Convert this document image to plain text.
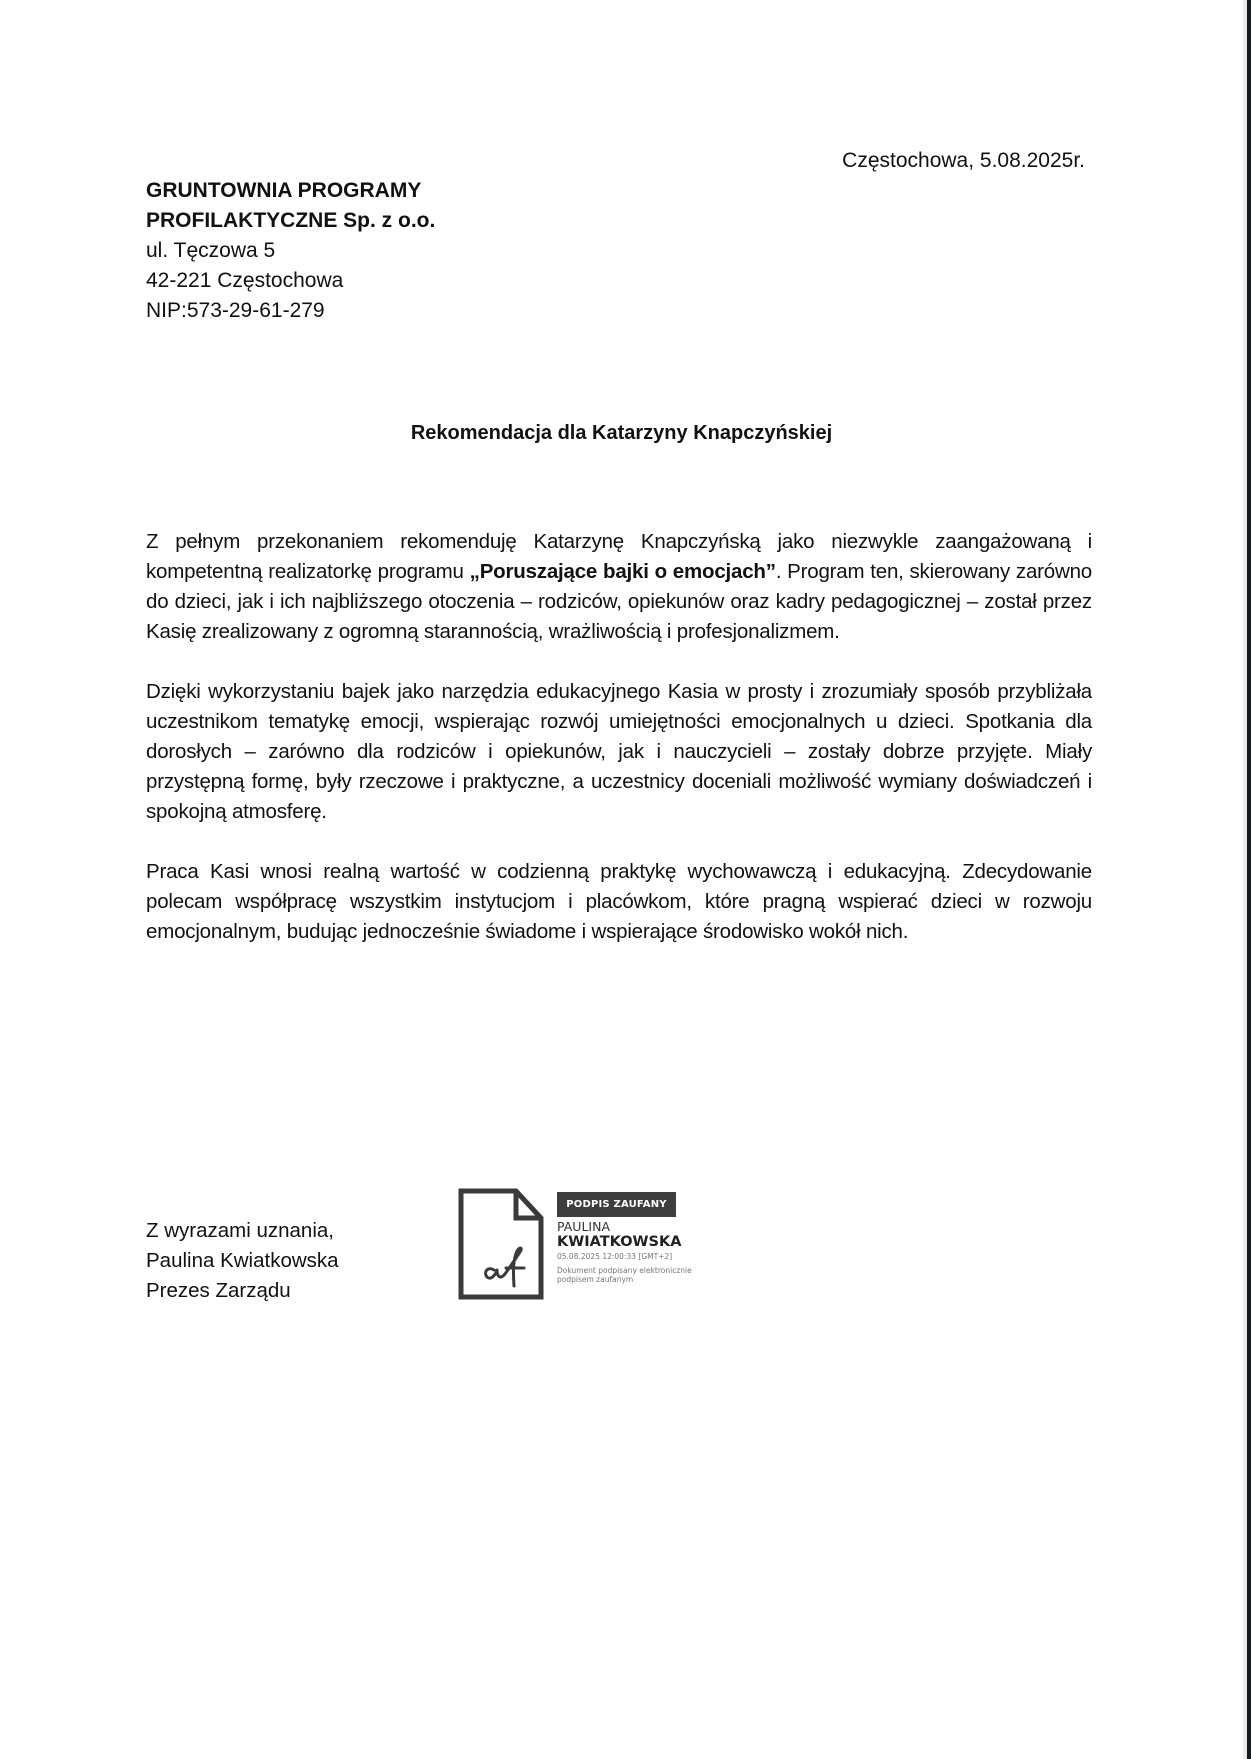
Częstochowa, 5.08.2025r.
GRUNTOWNIA PROGRAMY
PROFILAKTYCZNE Sp. z o.o.
ul. Tęczowa 5
42-221 Częstochowa
NIP:573-29-61-279
Rekomendacja dla Katarzyny Knapczyńskiej

Z pełnym przekonaniem rekomenduję Katarzynę Knapczyńską jako niezwykle zaangażowaną i kompetentną realizatorkę programu „Poruszające bajki o emocjach”. Program ten, skierowany zarówno do dzieci, jak i ich najbliższego otoczenia – rodziców, opiekunów oraz kadry pedagogicznej – został przez Kasię zrealizowany z ogromną starannością, wrażliwością i profesjonalizmem.

Dzięki wykorzystaniu bajek jako narzędzia edukacyjnego Kasia w prosty i zrozumiały sposób przybliżała uczestnikom tematykę emocji, wspierając rozwój umiejętności emocjonalnych u dzieci. Spotkania dla dorosłych – zarówno dla rodziców i opiekunów, jak i nauczycieli – zostały dobrze przyjęte. Miały przystępną formę, były rzeczowe i praktyczne, a uczestnicy doceniali możliwość wymiany doświadczeń i spokojną atmosferę.

Praca Kasi wnosi realną wartość w codzienną praktykę wychowawczą i edukacyjną. Zdecydowanie polecam współpracę wszystkim instytucjom i placówkom, które pragną wspierać dzieci w rozwoju emocjonalnym, budując jednocześnie świadome i wspierające środowisko wokół nich.

Z wyrazami uznania,
Paulina Kwiatkowska
Prezes Zarządu
PODPIS ZAUFANY
PAULINA
KWIATKOWSKA
05.08.2025 12:00:33 [GMT+2]
Dokument podpisany elektronicznie podpisem zaufanym
